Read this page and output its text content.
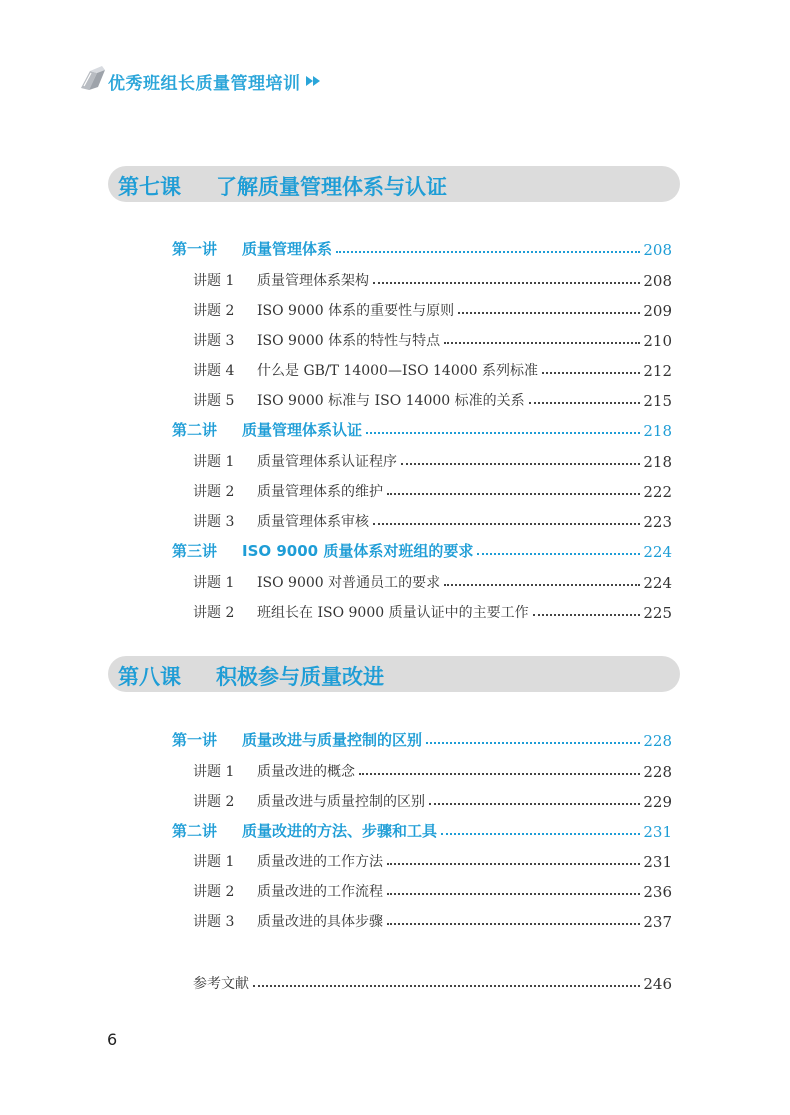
优秀班组长质量管理培训
第七课 了解质量管理体系与认证
第一讲 质量管理体系	208
讲题 1 质量管理体系架构	208
讲题 2 ISO 9000 体系的重要性与原则	209
讲题 3 ISO 9000 体系的特性与特点	210
讲题 4 什么是 GB/T 14000—ISO 14000 系列标准	212
讲题 5 ISO 9000 标准与 ISO 14000 标准的关系	215
第二讲 质量管理体系认证	218
讲题 1 质量管理体系认证程序	218
讲题 2 质量管理体系的维护	222
讲题 3 质量管理体系审核	223
第三讲 ISO 9000 质量体系对班组的要求	224
讲题 1 ISO 9000 对普通员工的要求	224
讲题 2 班组长在 ISO 9000 质量认证中的主要工作	225
第八课 积极参与质量改进
第一讲 质量改进与质量控制的区别	228
讲题 1 质量改进的概念	228
讲题 2 质量改进与质量控制的区别	229
第二讲 质量改进的方法、步骤和工具	231
讲题 1 质量改进的工作方法	231
讲题 2 质量改进的工作流程	236
讲题 3 质量改进的具体步骤	237
参考文献	246
6
